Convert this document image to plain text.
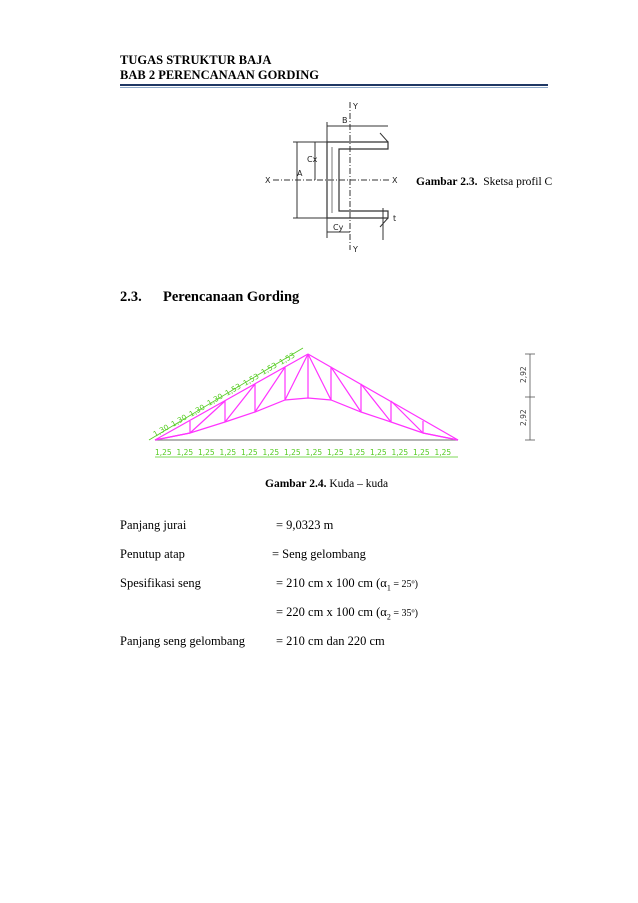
TUGAS STRUKTUR BAJA
BAB 2 PERENCANAAN GORDING
Y
B
Cx
X
A
X
t
Cy
Y
Gambar 2.3. Sketsa profil C
2.3. Perencanaan Gording
1,30
1,30
1,30
1,30
1,53
1,53
1,53
1,53
1,25 1,25 1,25 1,25 1,25 1,25 1,25 1,25 1,25 1,25 1,25 1,25 1,25 1,25
2,92
2,92
Gambar 2.4. Kuda – kuda
Panjang jurai	= 9,0323 m
Penutup atap	= Seng gelombang
Spesifikasi seng	= 210 cm x 100 cm ($\alpha_1$ = 25º)
= 220 cm x 100 cm ($\alpha_2$ = 35º)
Panjang seng gelombang = 210 cm dan 220 cm
